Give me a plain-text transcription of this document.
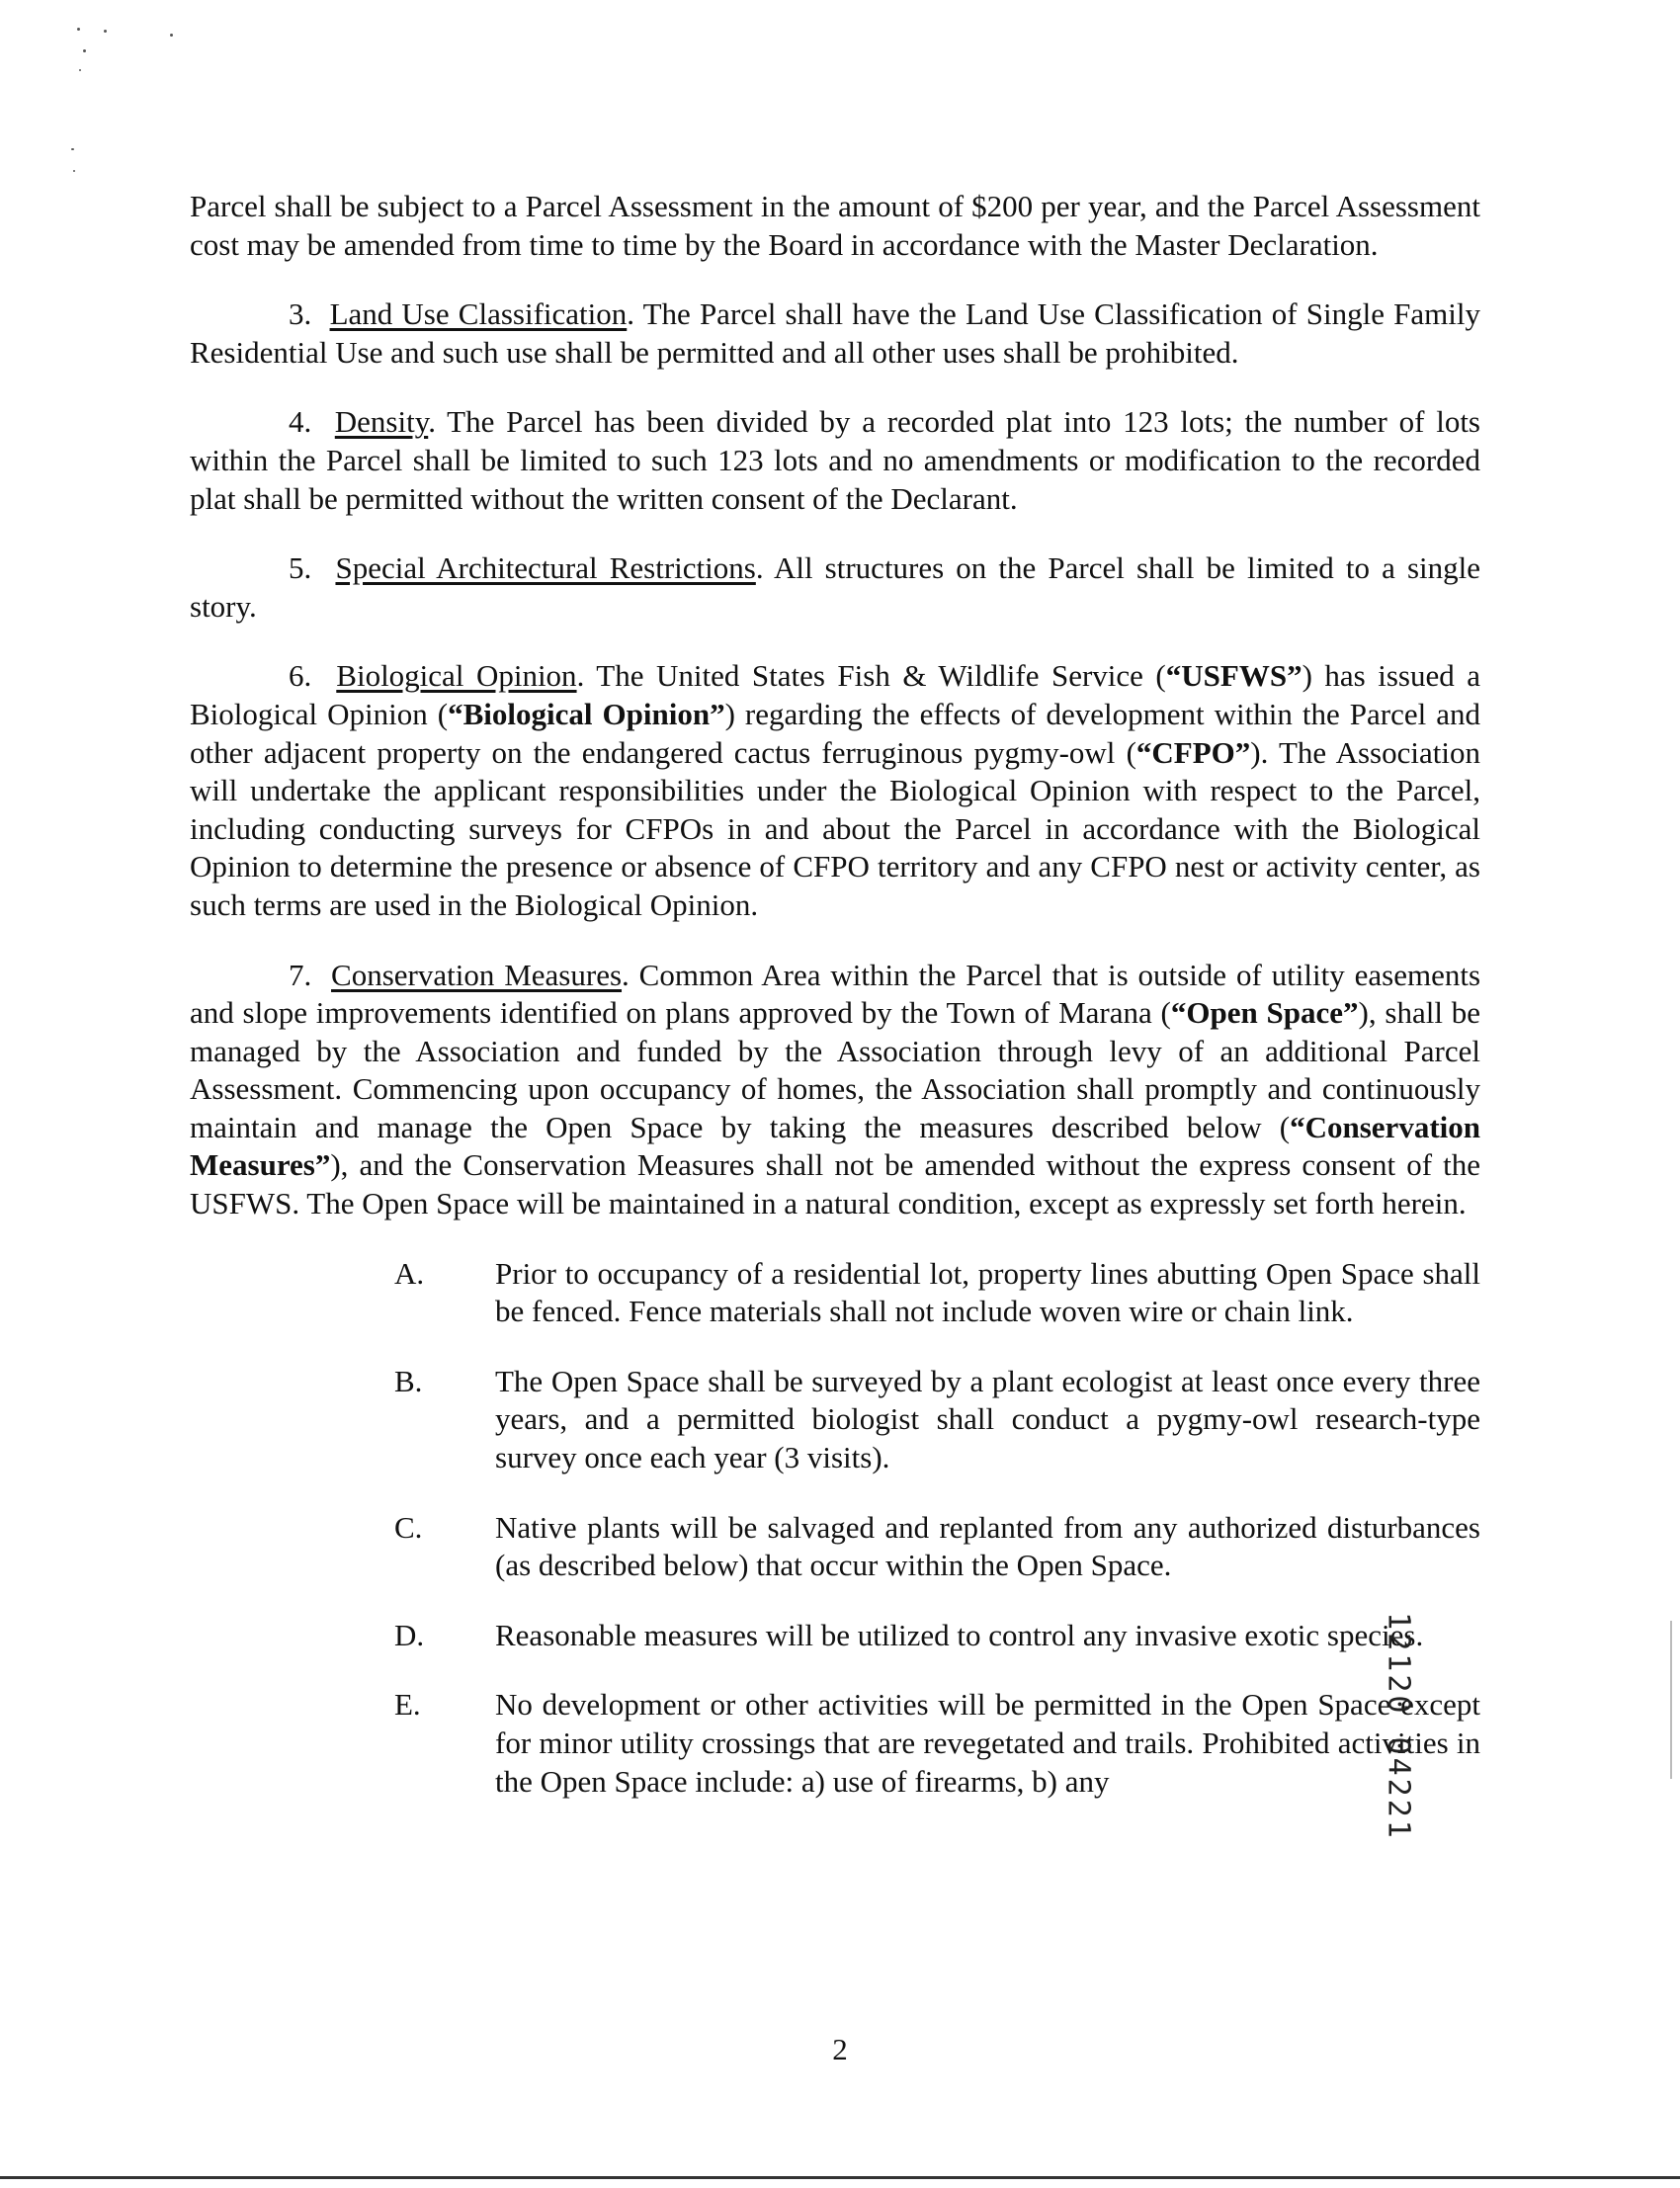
Parcel shall be subject to a Parcel Assessment in the amount of $200 per year, and the Parcel Assessment cost may be amended from time to time by the Board in accordance with the Master Declaration.

3. Land Use Classification. The Parcel shall have the Land Use Classification of Single Family Residential Use and such use shall be permitted and all other uses shall be prohibited.

4. Density. The Parcel has been divided by a recorded plat into 123 lots; the number of lots within the Parcel shall be limited to such 123 lots and no amendments or modification to the recorded plat shall be permitted without the written consent of the Declarant.

5. Special Architectural Restrictions. All structures on the Parcel shall be limited to a single story.

6. Biological Opinion. The United States Fish & Wildlife Service (“USFWS”) has issued a Biological Opinion (“Biological Opinion”) regarding the effects of development within the Parcel and other adjacent property on the endangered cactus ferruginous pygmy-owl (“CFPO”). The Association will undertake the applicant responsibilities under the Biological Opinion with respect to the Parcel, including conducting surveys for CFPOs in and about the Parcel in accordance with the Biological Opinion to determine the presence or absence of CFPO territory and any CFPO nest or activity center, as such terms are used in the Biological Opinion.

7. Conservation Measures. Common Area within the Parcel that is outside of utility easements and slope improvements identified on plans approved by the Town of Marana (“Open Space”), shall be managed by the Association and funded by the Association through levy of an additional Parcel Assessment. Commencing upon occupancy of homes, the Association shall promptly and continuously maintain and manage the Open Space by taking the measures described below (“Conservation Measures”), and the Conservation Measures shall not be amended without the express consent of the USFWS. The Open Space will be maintained in a natural condition, except as expressly set forth herein.

A.	Prior to occupancy of a residential lot, property lines abutting Open Space shall be fenced. Fence materials shall not include woven wire or chain link.
B.	The Open Space shall be surveyed by a plant ecologist at least once every three years, and a permitted biologist shall conduct a pygmy-owl research-type survey once each year (3 visits).
C.	Native plants will be salvaged and replanted from any authorized disturbances (as described below) that occur within the Open Space.
D.	Reasonable measures will be utilized to control any invasive exotic species.
E.	No development or other activities will be permitted in the Open Space except for minor utility crossings that are revegetated and trails. Prohibited activities in the Open Space include: a) use of firearms, b) any	12120 04221
2
